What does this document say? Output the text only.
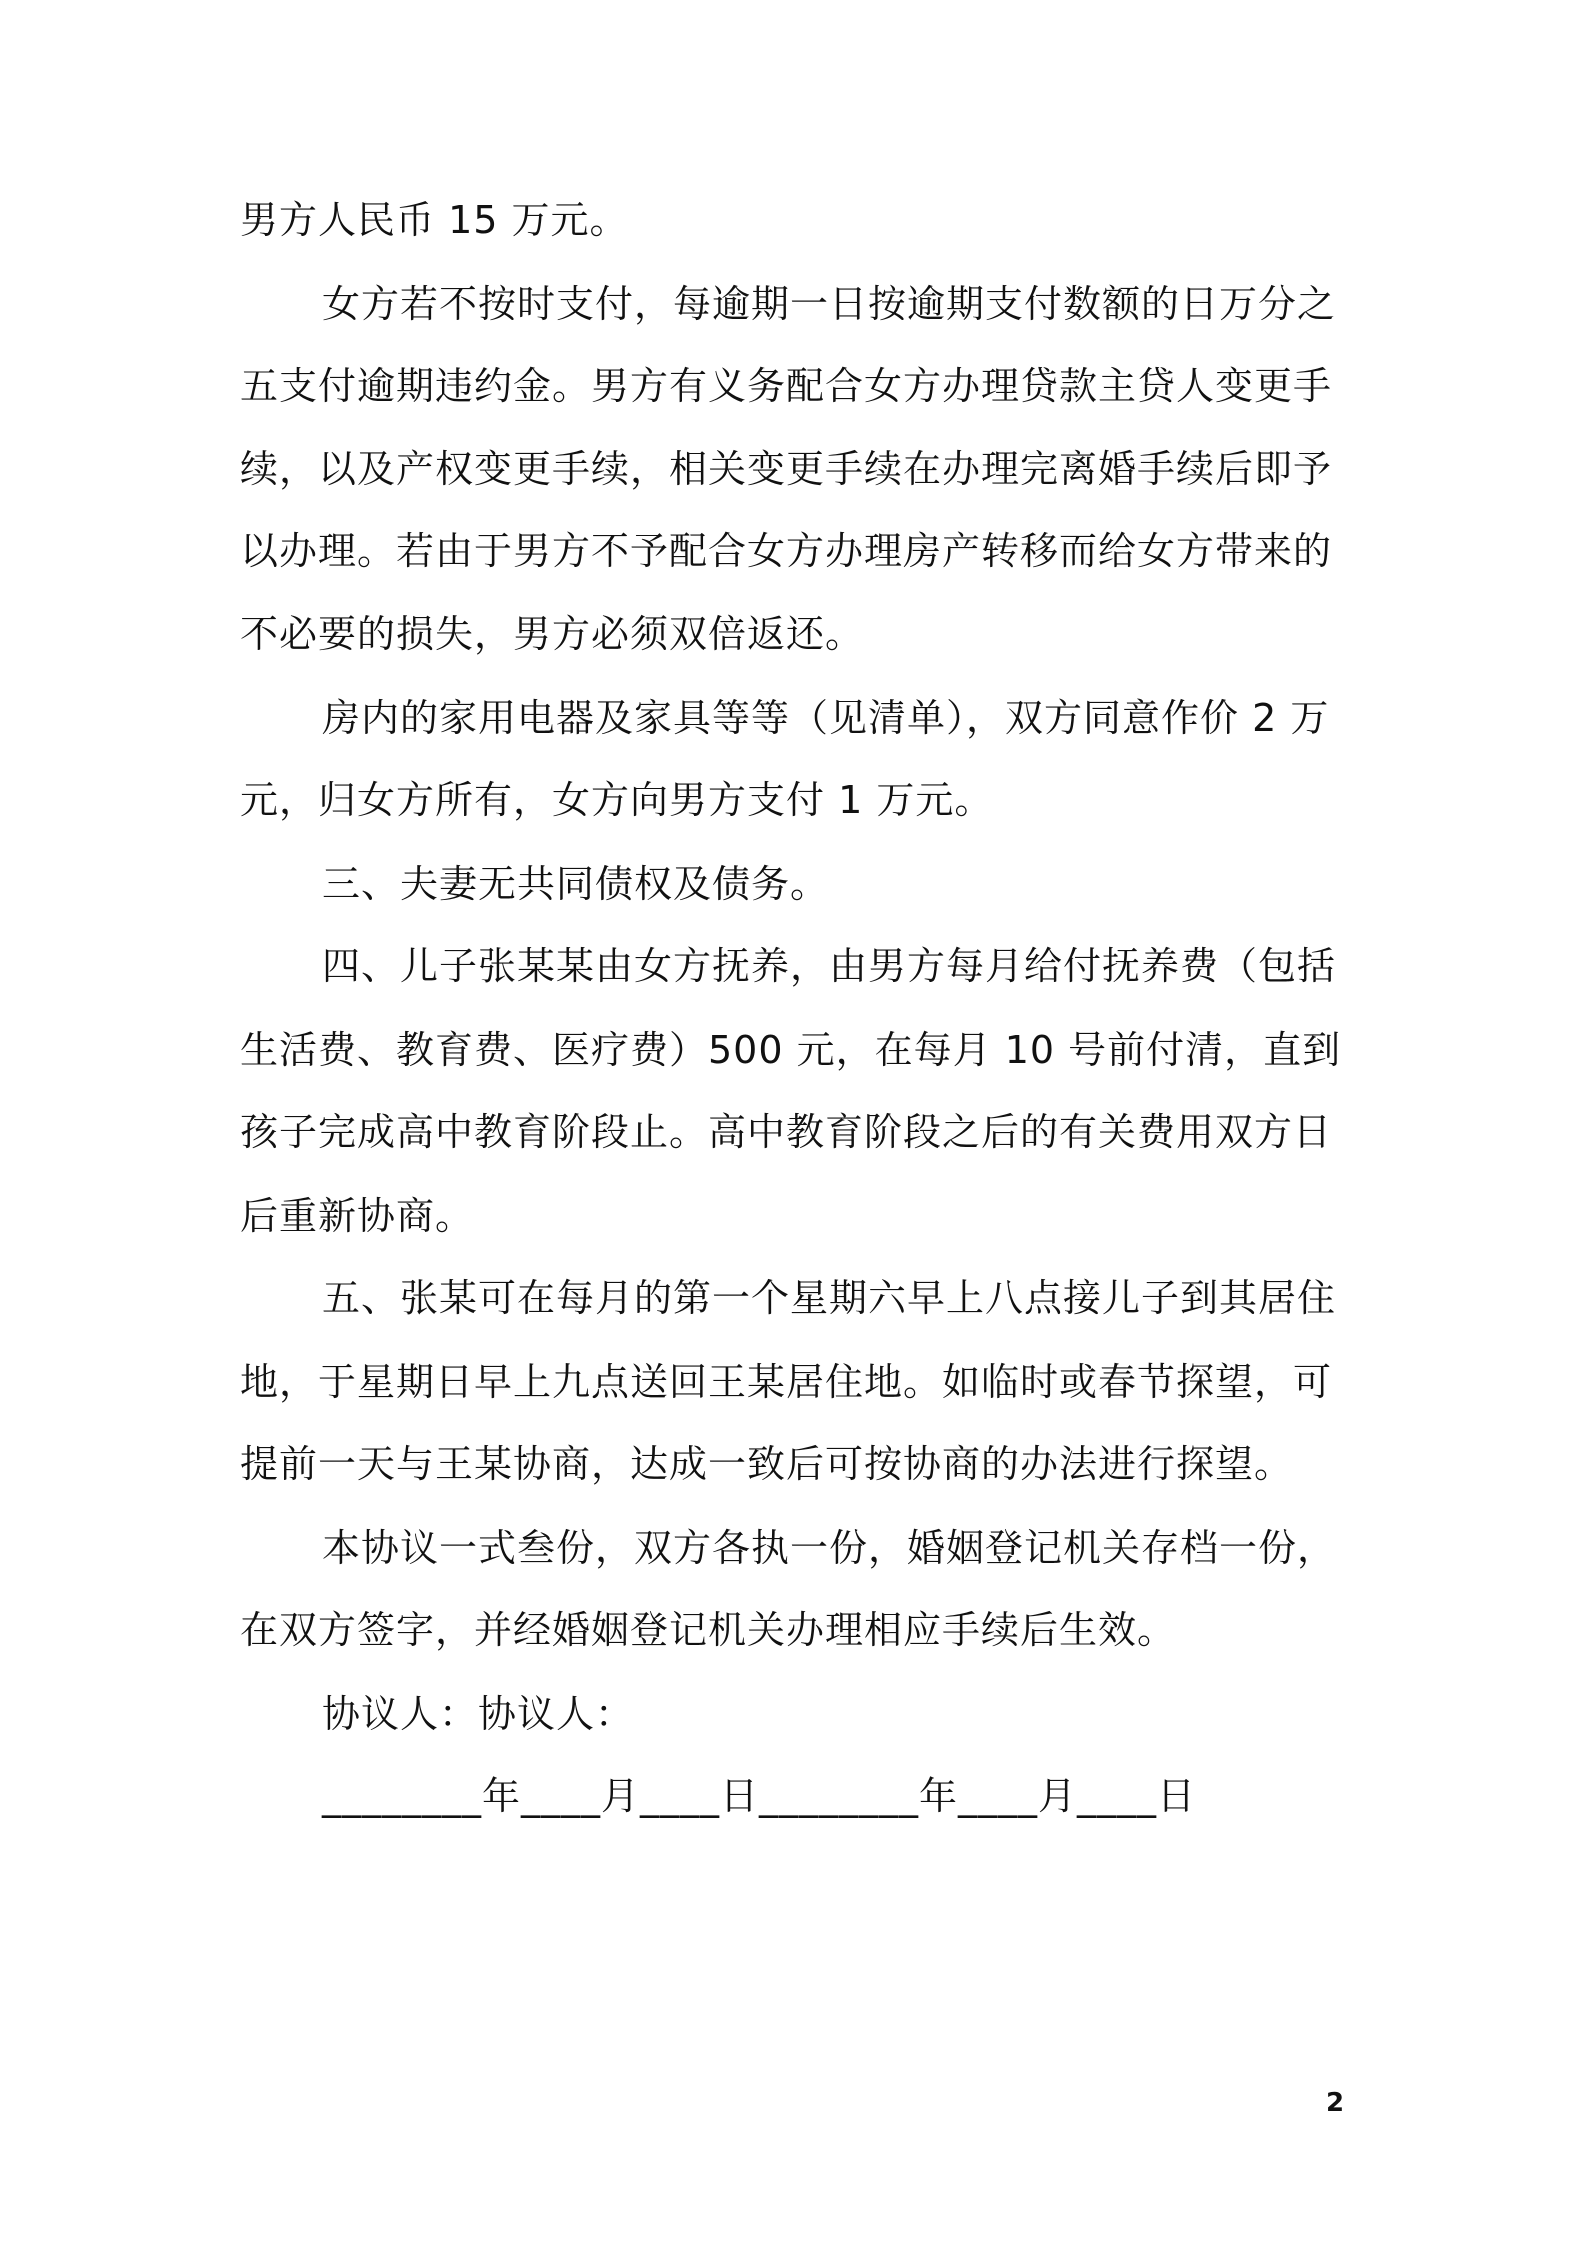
男方人民币 15 万元。
女方若不按时支付，每逾期一日按逾期支付数额的日万分之
五支付逾期违约金。男方有义务配合女方办理贷款主贷人变更手
续，以及产权变更手续，相关变更手续在办理完离婚手续后即予
以办理。若由于男方不予配合女方办理房产转移而给女方带来的
不必要的损失，男方必须双倍返还。
房内的家用电器及家具等等（见清单），双方同意作价 2 万
元，归女方所有，女方向男方支付 1 万元。
三、夫妻无共同债权及债务。
四、儿子张某某由女方抚养，由男方每月给付抚养费（包括
生活费、教育费、医疗费）500 元，在每月 10 号前付清，直到
孩子完成高中教育阶段止。高中教育阶段之后的有关费用双方日
后重新协商。
五、张某可在每月的第一个星期六早上八点接儿子到其居住
地，于星期日早上九点送回王某居住地。如临时或春节探望，可
提前一天与王某协商，达成一致后可按协商的办法进行探望。
本协议一式叁份，双方各执一份，婚姻登记机关存档一份，
在双方签字，并经婚姻登记机关办理相应手续后生效。
协议人：协议人：
________年____月____日________年____月____日
2
